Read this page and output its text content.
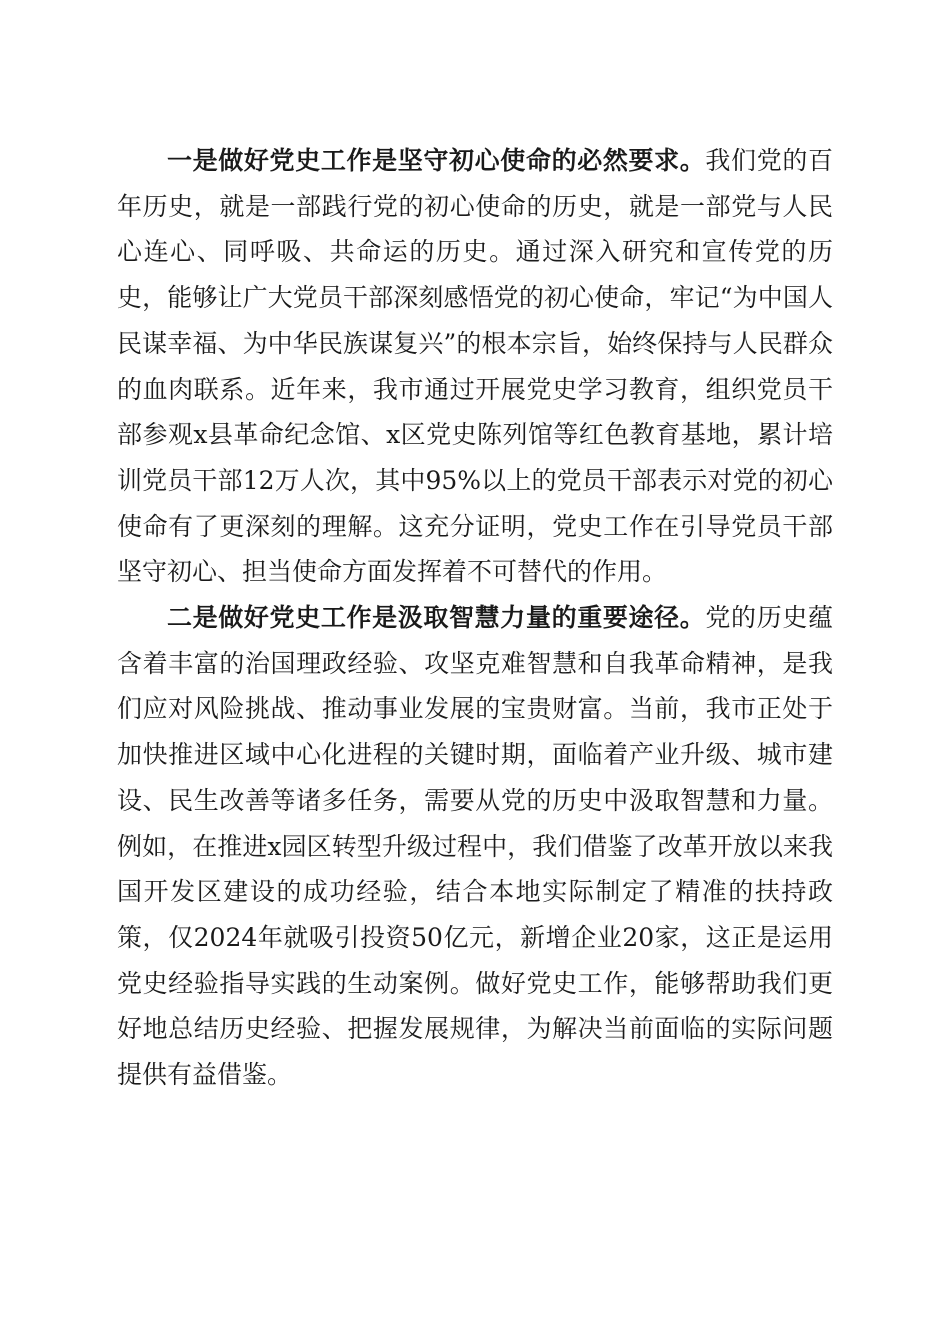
一是做好党史工作是坚守初心使命的必然要求。我们党的百年历史，就是一部践行党的初心使命的历史，就是一部党与人民心连心、同呼吸、共命运的历史。通过深入研究和宣传党的历史，能够让广大党员干部深刻感悟党的初心使命，牢记“为中国人民谋幸福、为中华民族谋复兴”的根本宗旨，始终保持与人民群众的血肉联系。近年来，我市通过开展党史学习教育，组织党员干部参观x县革命纪念馆、x区党史陈列馆等红色教育基地，累计培训党员干部12万人次，其中95%以上的党员干部表示对党的初心使命有了更深刻的理解。这充分证明，党史工作在引导党员干部坚守初心、担当使命方面发挥着不可替代的作用。

二是做好党史工作是汲取智慧力量的重要途径。党的历史蕴含着丰富的治国理政经验、攻坚克难智慧和自我革命精神，是我们应对风险挑战、推动事业发展的宝贵财富。当前，我市正处于加快推进区域中心化进程的关键时期，面临着产业升级、城市建设、民生改善等诸多任务，需要从党的历史中汲取智慧和力量。例如，在推进x园区转型升级过程中，我们借鉴了改革开放以来我国开发区建设的成功经验，结合本地实际制定了精准的扶持政策，仅2024年就吸引投资50亿元，新增企业20家，这正是运用党史经验指导实践的生动案例。做好党史工作，能够帮助我们更好地总结历史经验、把握发展规律，为解决当前面临的实际问题提供有益借鉴。
